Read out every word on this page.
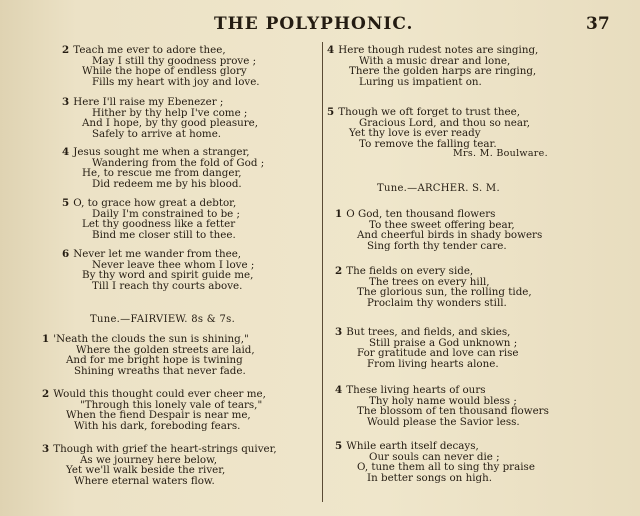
THE POLYPHONIC.	37
2 Teach me ever to adore thee,
May I still thy goodness prove ;
While the hope of endless glory
Fills my heart with joy and love.
3 Here I'll raise my Ebenezer ;
Hither by thy help I've come ;
And I hope, by thy good pleasure,
Safely to arrive at home.
4 Jesus sought me when a stranger,
Wandering from the fold of God ;
He, to rescue me from danger,
Did redeem me by his blood.
5 O, to grace how great a debtor,
Daily I'm constrained to be ;
Let thy goodness like a fetter
Bind me closer still to thee.
6 Never let me wander from thee,
Never leave thee whom I love ;
By thy word and spirit guide me,
Till I reach thy courts above.
Tune.—FAIRVIEW. 8s & 7s.
1 'Neath the clouds the sun is shining,"
Where the golden streets are laid,
And for me bright hope is twining
Shining wreaths that never fade.
2 Would this thought could ever cheer me,
"Through this lonely vale of tears,"
When the fiend Despair is near me,
With his dark, foreboding fears.
3 Though with grief the heart-strings quiver,
As we journey here below,
Yet we'll walk beside the river,
Where eternal waters flow.
4 Here though rudest notes are singing,
With a music drear and lone,
There the golden harps are ringing,
Luring us impatient on.
5 Though we oft forget to trust thee,
Gracious Lord, and thou so near,
Yet thy love is ever ready
To remove the falling tear.
Mrs. M. Boulware.
Tune.—ARCHER. S. M.
1 O God, ten thousand flowers
To thee sweet offering bear,
And cheerful birds in shady bowers
Sing forth thy tender care.
2 The fields on every side,
The trees on every hill,
The glorious sun, the rolling tide,
Proclaim thy wonders still.
3 But trees, and fields, and skies,
Still praise a God unknown ;
For gratitude and love can rise
From living hearts alone.
4 These living hearts of ours
Thy holy name would bless ;
The blossom of ten thousand flowers
Would please the Savior less.
5 While earth itself decays,
Our souls can never die ;
O, tune them all to sing thy praise
In better songs on high.
